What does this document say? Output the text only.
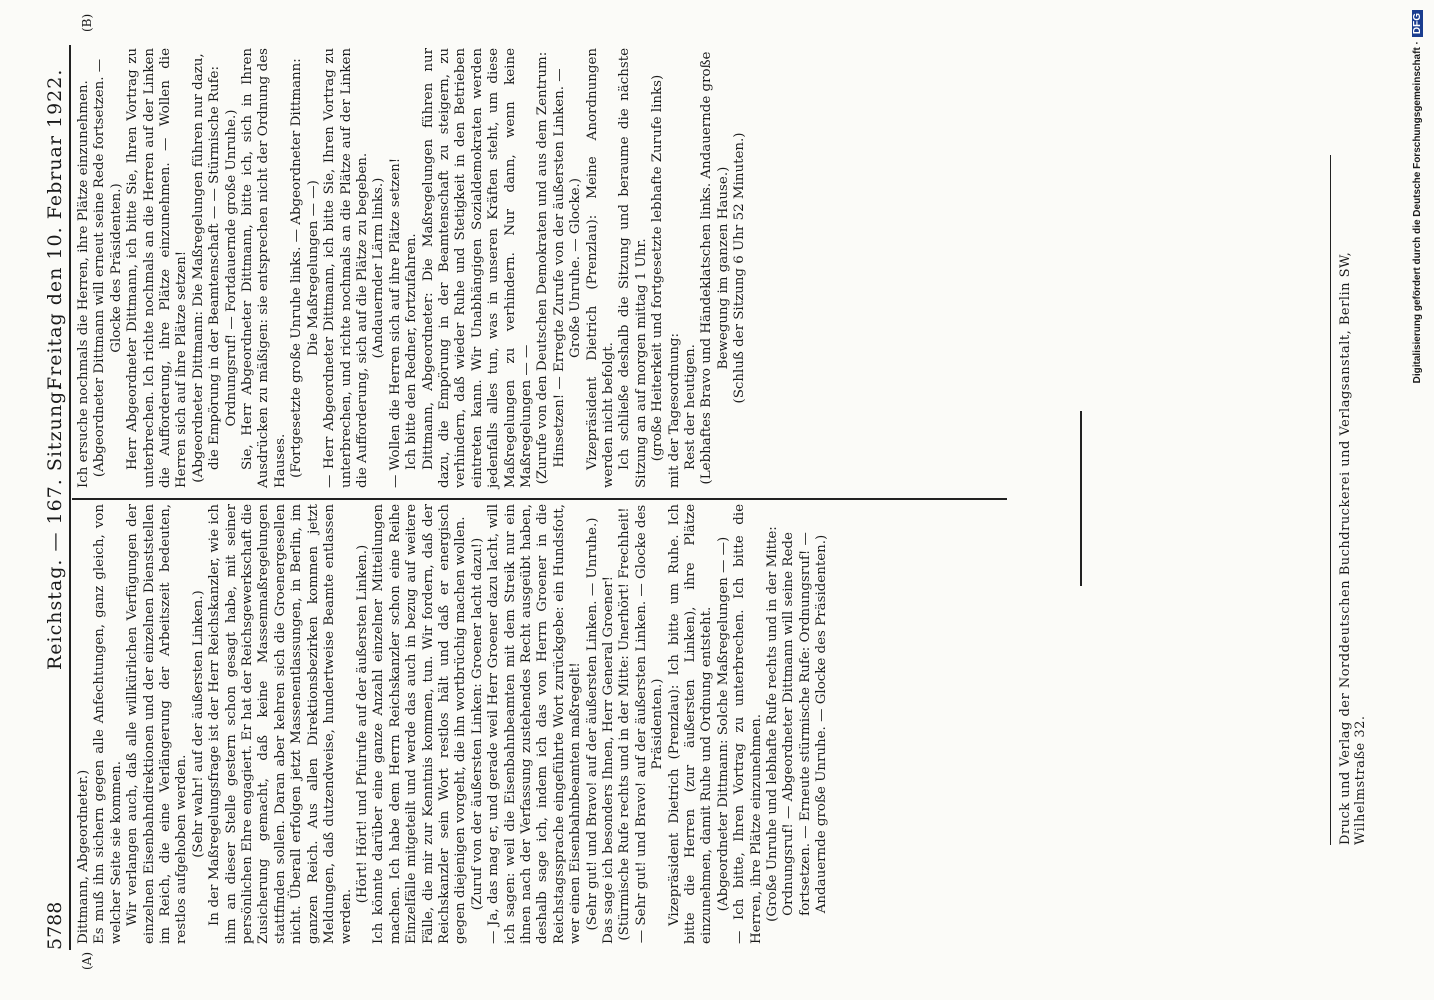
5788
Reichstag. — 167. Sitzung.
Freitag den 10. Februar 1922.
(A)
(B)

Dittmann, Abgeordneter.) Es muß ihn sichern gegen alle Anfechtungen, ganz gleich, von welcher Seite sie kommen. Wir verlangen auch, daß alle willkürlichen Verfügungen der einzelnen Eisenbahndirektionen und der einzelnen Dienststellen im Reich, die eine Verlängerung der Arbeitszeit bedeuten, restlos aufgehoben werden. (Sehr wahr! auf der äußersten Linken.) In der Maßregelungsfrage ist der Herr Reichskanzler, wie ich ihm an dieser Stelle gestern schon gesagt habe, mit seiner persönlichen Ehre engagiert. Er hat der Reichsgewerkschaft die Zusicherung gemacht, daß keine Massenmaßregelungen stattfinden sollen. Daran aber kehren sich die Groenergesellen nicht. Überall erfolgen jetzt Massenentlassungen, in Berlin, im ganzen Reich. Aus allen Direktionsbezirken kommen jetzt Meldungen, daß dutzendweise, hundertweise Beamte entlassen werden.

(Hört! Hört! und Pfuirufe auf der äußersten Linken.) Ich könnte darüber eine ganze Anzahl einzelner Mitteilungen machen. Ich habe dem Herrn Reichskanzler schon eine Reihe Einzelfälle mitgeteilt und werde das auch in bezug auf weitere Fälle, die mir zur Kenntnis kommen, tun. Wir fordern, daß der Reichskanzler sein Wort restlos hält und daß er energisch gegen diejenigen vorgeht, die ihn wortbrüchig machen wollen. (Zuruf von der äußersten Linken: Groener lacht dazu!) — Ja, das mag er, und gerade weil Herr Groener dazu lacht, will ich sagen: weil die Eisenbahnbeamten mit dem Streik nur ein ihnen nach der Verfassung zustehendes Recht ausgeübt haben, deshalb sage ich, indem ich das von Herrn Groener in die Reichstagssprache eingeführte Wort zurückgebe: ein Hundsfott, wer einen Eisenbahnbeamten maßregelt! (Sehr gut! und Bravo! auf der äußersten Linken. — Unruhe.) Das sage ich besonders Ihnen, Herr General Groener! (Stürmische Rufe rechts und in der Mitte: Unerhört! Frechheit! — Sehr gut! und Bravo! auf der äußersten Linken. — Glocke des Präsidenten.) Vizepräsident Dietrich (Prenzlau): Ich bitte um Ruhe. Ich bitte die Herren (zur äußersten Linken), ihre Plätze einzunehmen, damit Ruhe und Ordnung entsteht. (Abgeordneter Dittmann: Solche Maßregelungen — —) — Ich bitte, Ihren Vortrag zu unterbrechen. Ich bitte die Herren, ihre Plätze einzunehmen. (Große Unruhe und lebhafte Rufe rechts und in der Mitte: Ordnungsruf! — Abgeordneter Dittmann will seine Rede fortsetzen. — Erneute stürmische Rufe: Ordnungsruf! — Andauernde große Unruhe. — Glocke des Präsidenten.)

Ich ersuche nochmals die Herren, ihre Plätze einzunehmen. (Abgeordneter Dittmann will erneut seine Rede fortsetzen. — Glocke des Präsidenten.) Herr Abgeordneter Dittmann, ich bitte Sie, Ihren Vortrag zu unterbrechen. Ich richte nochmals an die Herren auf der Linken die Aufforderung, ihre Plätze einzunehmen. — Wollen die Herren sich auf ihre Plätze setzen! (Abgeordneter Dittmann: Die Maßregelungen führen nur dazu, die Empörung in der Beamtenschaft — — Stürmische Rufe: Ordnungsruf! — Fortdauernde große Unruhe.) Sie, Herr Abgeordneter Dittmann, bitte ich, sich in Ihren Ausdrücken zu mäßigen: sie entsprechen nicht der Ordnung des Hauses. (Fortgesetzte große Unruhe links. — Abgeordneter Dittmann: Die Maßregelungen — —) — Herr Abgeordneter Dittmann, ich bitte Sie, Ihren Vortrag zu unterbrechen, und richte nochmals an die Plätze auf der Linken die Aufforderung, sich auf die Plätze zu begeben. (Andauernder Lärm links.) — Wollen die Herren sich auf ihre Plätze setzen! Ich bitte den Redner, fortzufahren. Dittmann, Abgeordneter: Die Maßregelungen führen nur dazu, die Empörung in der Beamtenschaft zu steigern, zu verhindern, daß wieder Ruhe und Stetigkeit in den Betrieben eintreten kann. Wir Unabhängigen Sozialdemokraten werden jedenfalls alles tun, was in unseren Kräften steht, um diese Maßregelungen zu verhindern. Nur dann, wenn keine Maßregelungen — — (Zurufe von den Deutschen Demokraten und aus dem Zentrum: Hinsetzen! — Erregte Zurufe von der äußersten Linken. — Große Unruhe. — Glocke.) Vizepräsident Dietrich (Prenzlau): Meine Anordnungen werden nicht befolgt. Ich schließe deshalb die Sitzung und beraume die nächste Sitzung an auf morgen mittag 1 Uhr. (große Heiterkeit und fortgesetzte lebhafte Zurufe links) mit der Tagesordnung: Rest der heutigen. (Lebhaftes Bravo und Händeklatschen links. Andauernde große Bewegung im ganzen Hause.) (Schluß der Sitzung 6 Uhr 52 Minuten.)	Druck und Verlag der Norddeutschen Buchdruckerei und Verlagsanstalt, Berlin SW, Wilhelmstraße 32.
Digitalisierung gefördert durch die Deutsche Forschungsgemeinschaft ·DFG
